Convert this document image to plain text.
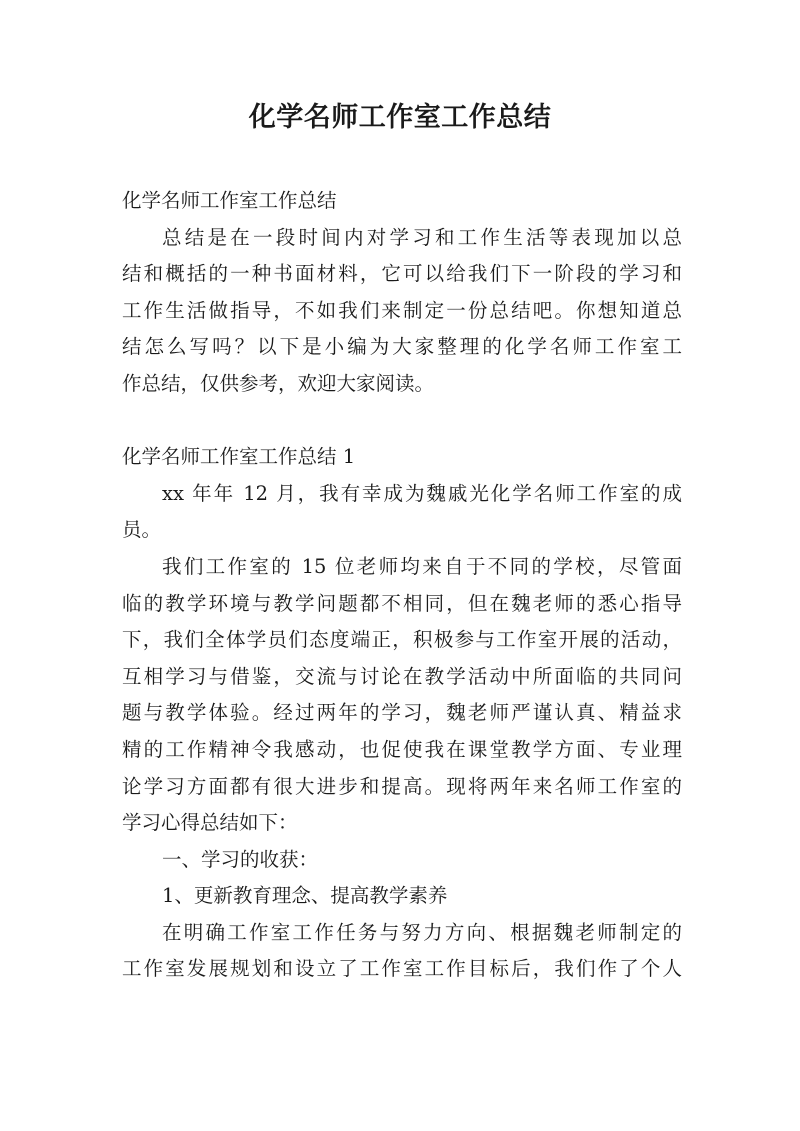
化学名师工作室工作总结

化学名师工作室工作总结

总结是在一段时间内对学习和工作生活等表现加以总

结和概括的一种书面材料，它可以给我们下一阶段的学习和

工作生活做指导，不如我们来制定一份总结吧。你想知道总

结怎么写吗？以下是小编为大家整理的化学名师工作室工

作总结，仅供参考，欢迎大家阅读。

化学名师工作室工作总结 1

xx 年年 12 月，我有幸成为魏戚光化学名师工作室的成

员。

我们工作室的 15 位老师均来自于不同的学校，尽管面

临的教学环境与教学问题都不相同，但在魏老师的悉心指导

下，我们全体学员们态度端正，积极参与工作室开展的活动，

互相学习与借鉴，交流与讨论在教学活动中所面临的共同问

题与教学体验。经过两年的学习，魏老师严谨认真、精益求

精的工作精神令我感动，也促使我在课堂教学方面、专业理

论学习方面都有很大进步和提高。现将两年来名师工作室的

学习心得总结如下：

一、学习的收获：

1、更新教育理念、提高教学素养

在明确工作室工作任务与努力方向、根据魏老师制定的

工作室发展规划和设立了工作室工作目标后，我们作了个人
